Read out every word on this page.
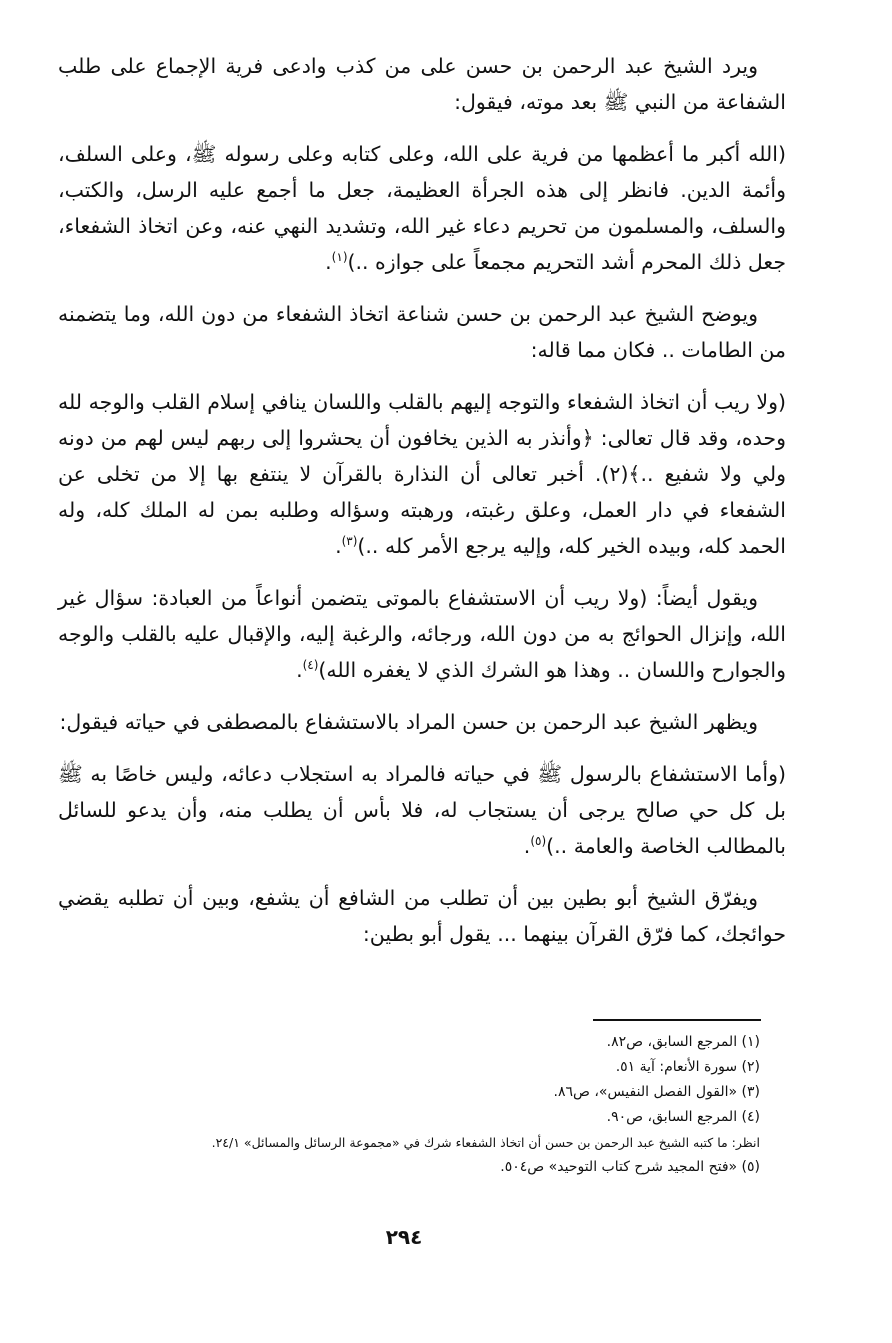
ويرد الشيخ عبد الرحمن بن حسن على من كذب وادعى فرية الإجماع على طلب الشفاعة من النبي ﷺ بعد موته، فيقول:

(الله أكبر ما أعظمها من فرية على الله، وعلى كتابه وعلى رسوله ﷺ، وعلى السلف، وأئمة الدين. فانظر إلى هذه الجرأة العظيمة، جعل ما أجمع عليه الرسل، والكتب، والسلف، والمسلمون من تحريم دعاء غير الله، وتشديد النهي عنه، وعن اتخاذ الشفعاء، جعل ذلك المحرم أشد التحريم مجمعاً على جوازه ..)$^{(١)}$.

ويوضح الشيخ عبد الرحمن بن حسن شناعة اتخاذ الشفعاء من دون الله، وما يتضمنه من الطامات .. فكان مما قاله:

(ولا ريب أن اتخاذ الشفعاء والتوجه إليهم بالقلب واللسان ينافي إسلام القلب والوجه لله وحده، وقد قال تعالى: ﴿وأنذر به الذين يخافون أن يحشروا إلى ربهم ليس لهم من دونه ولي ولا شفيع ..﴾(٢). أخبر تعالى أن النذارة بالقرآن لا ينتفع بها إلا من تخلى عن الشفعاء في دار العمل، وعلق رغبته، ورهبته وسؤاله وطلبه بمن له الملك كله، وله الحمد كله، وبيده الخير كله، وإليه يرجع الأمر كله ..)$^{(٣)}$.

ويقول أيضاً: (ولا ريب أن الاستشفاع بالموتى يتضمن أنواعاً من العبادة: سؤال غير الله، وإنزال الحوائج به من دون الله، ورجائه، والرغبة إليه، والإقبال عليه بالقلب والوجه والجوارح واللسان .. وهذا هو الشرك الذي لا يغفره الله)$^{(٤)}$.

ويظهر الشيخ عبد الرحمن بن حسن المراد بالاستشفاع بالمصطفى في حياته فيقول:

(وأما الاستشفاع بالرسول ﷺ في حياته فالمراد به استجلاب دعائه، وليس خاصًا به ﷺ بل كل حي صالح يرجى أن يستجاب له، فلا بأس أن يطلب منه، وأن يدعو للسائل بالمطالب الخاصة والعامة ..)$^{(٥)}$.

ويفرّق الشيخ أبو بطين بين أن تطلب من الشافع أن يشفع، وبين أن تطلبه يقضي حوائجك، كما فرّق القرآن بينهما ... يقول أبو بطين:

(١) المرجع السابق، ص٨٢.
(٢) سورة الأنعام: آية ٥١.
(٣) «القول الفصل النفيس»، ص٨٦.
(٤) المرجع السابق، ص٩٠.
انظر: ما كتبه الشيخ عبد الرحمن بن حسن أن اتخاذ الشفعاء شرك في «مجموعة الرسائل والمسائل» ٢٤/١.
(٥) «فتح المجيد شرح كتاب التوحيد» ص٥٠٤.
٢٩٤
